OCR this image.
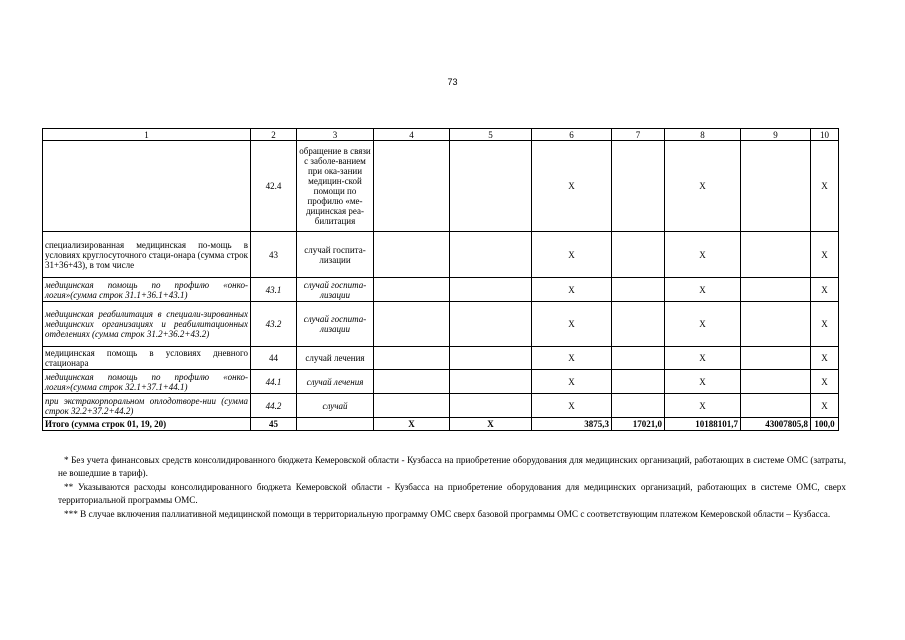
73
1	2	3	4	5	6	7	8	9	10
	42.4	обращение в связи с заболе-ванием при ока-зании медицин-ской помощи по профилю «ме-дицинская реа-билитация			Х		Х		Х
специализированная медицинская по-мощь в условиях круглосуточного стаци-онара (сумма строк 31+36+43), в том числе	43	случай госпита-лизации			Х		Х		Х
медицинская помощь по профилю «онко-логия»(сумма строк 31.1+36.1+43.1)	43.1	случай госпита-лизации			Х		Х		Х
медицинская реабилитация в специали-зированных медицинских организациях и реабилитационных отделениях (сумма строк 31.2+36.2+43.2)	43.2	случай госпита-лизации			Х		Х		Х
медицинская помощь в условиях дневного стационара	44	случай лечения			Х		Х		Х
медицинская помощь по профилю «онко-логия»(сумма строк 32.1+37.1+44.1)	44.1	случай лечения			Х		Х		Х
при экстракорпоральном оплодотворе-нии (сумма строк 32.2+37.2+44.2)	44.2	случай			Х		Х		Х
Итого (сумма строк 01, 19, 20)	45		Х	Х	3875,3	17021,0	10188101,7	43007805,8	100,0

* Без учета финансовых средств консолидированного бюджета Кемеровской области - Кузбасса на приобретение оборудования для медицинских организаций, работающих в системе ОМС (затраты, не вошедшие в тариф).

** Указываются расходы консолидированного бюджета Кемеровской области - Кузбасса на приобретение оборудования для медицинских организаций, работающих в системе ОМС, сверх территориальной программы ОМС.

*** В случае включения паллиативной медицинской помощи в территориальную программу ОМС сверх базовой программы ОМС с соответствующим платежом Кемеровской области – Кузбасса.
